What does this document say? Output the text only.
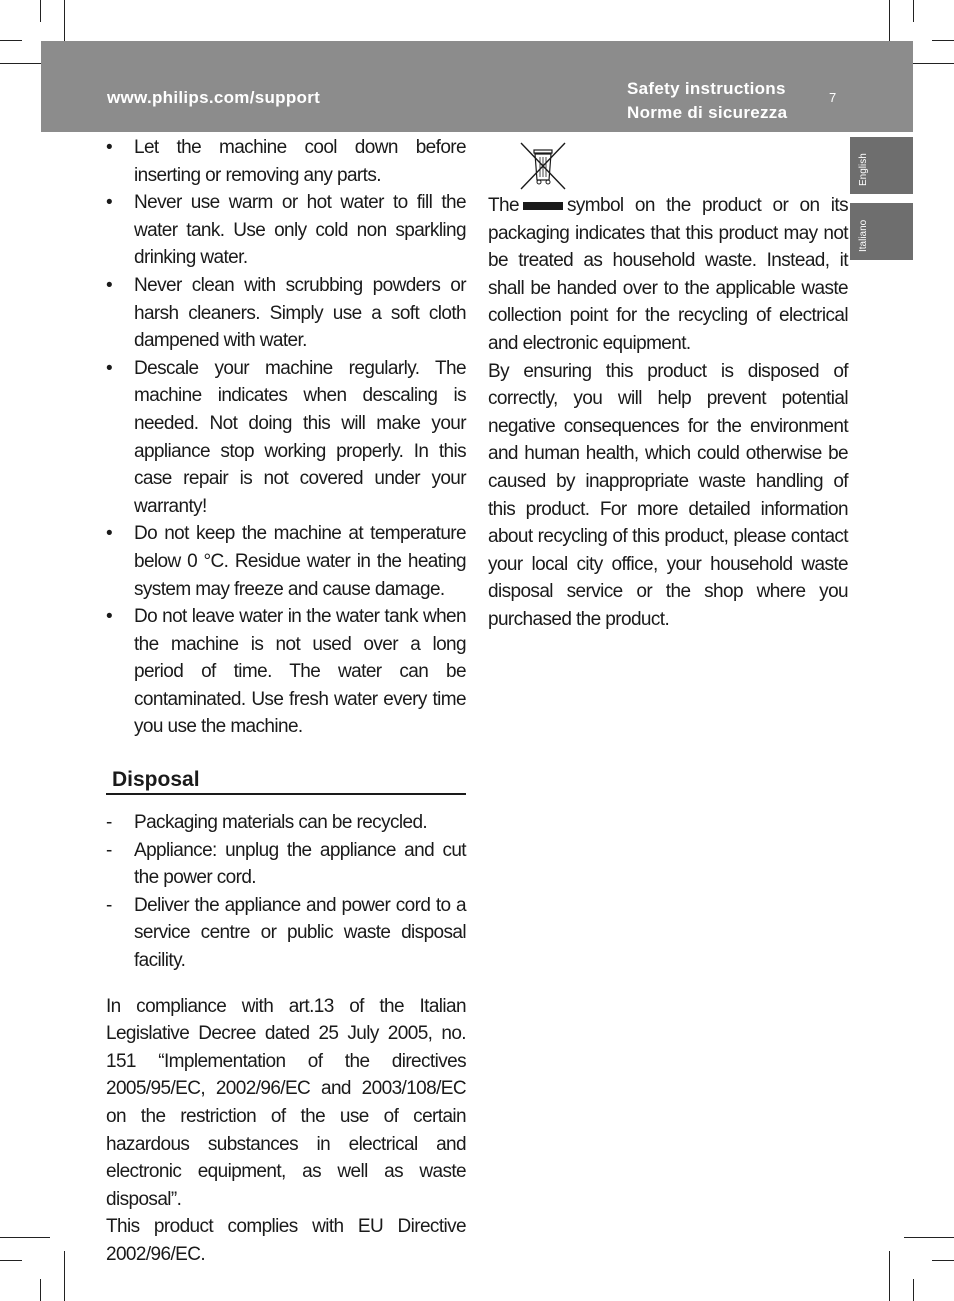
www.philips.com/support	Safety instructions
Norme di sicurezza
7
English
Italiano
• Let the machine cool down before inserting or removing any parts.
• Never use warm or hot water to fill the water tank. Use only cold non sparkling drinking water.
• Never clean with scrubbing powders or harsh cleaners. Simply use a soft cloth dampened with water.
• Descale your machine regularly. The machine indicates when descaling is needed. Not doing this will make your appliance stop working properly. In this case repair is not covered under your warranty!
• Do not keep the machine at temperature below 0 °C. Residue water in the heating system may freeze and cause damage.
• Do not leave water in the water tank when the machine is not used over a long period of time. The water can be contaminated. Use fresh water every time you use the machine.
Disposal
- Packaging materials can be recycled.
- Appliance: unplug the appliance and cut the power cord.
- Deliver the appliance and power cord to a service centre or public waste disposal facility.

In compliance with art.13 of the Italian Legislative Decree dated 25 July 2005, no. 151 “Implementation of the directives 2005/95/EC, 2002/96/EC and 2003/108/EC on the restriction of the use of certain hazardous substances in electrical and electronic equipment, as well as waste disposal”.

This product complies with EU Directive 2002/96/EC.

The	symbol on the product or on its packaging indicates that this product may not be treated as household waste. Instead, it shall be handed over to the applicable waste collection point for the recycling of electrical and electronic equipment.

By ensuring this product is disposed of correctly, you will help prevent potential negative consequences for the environment and human health, which could otherwise be caused by inappropriate waste handling of this product. For more detailed information about recycling of this product, please contact your local city office, your household waste disposal service or the shop where you purchased the product.
